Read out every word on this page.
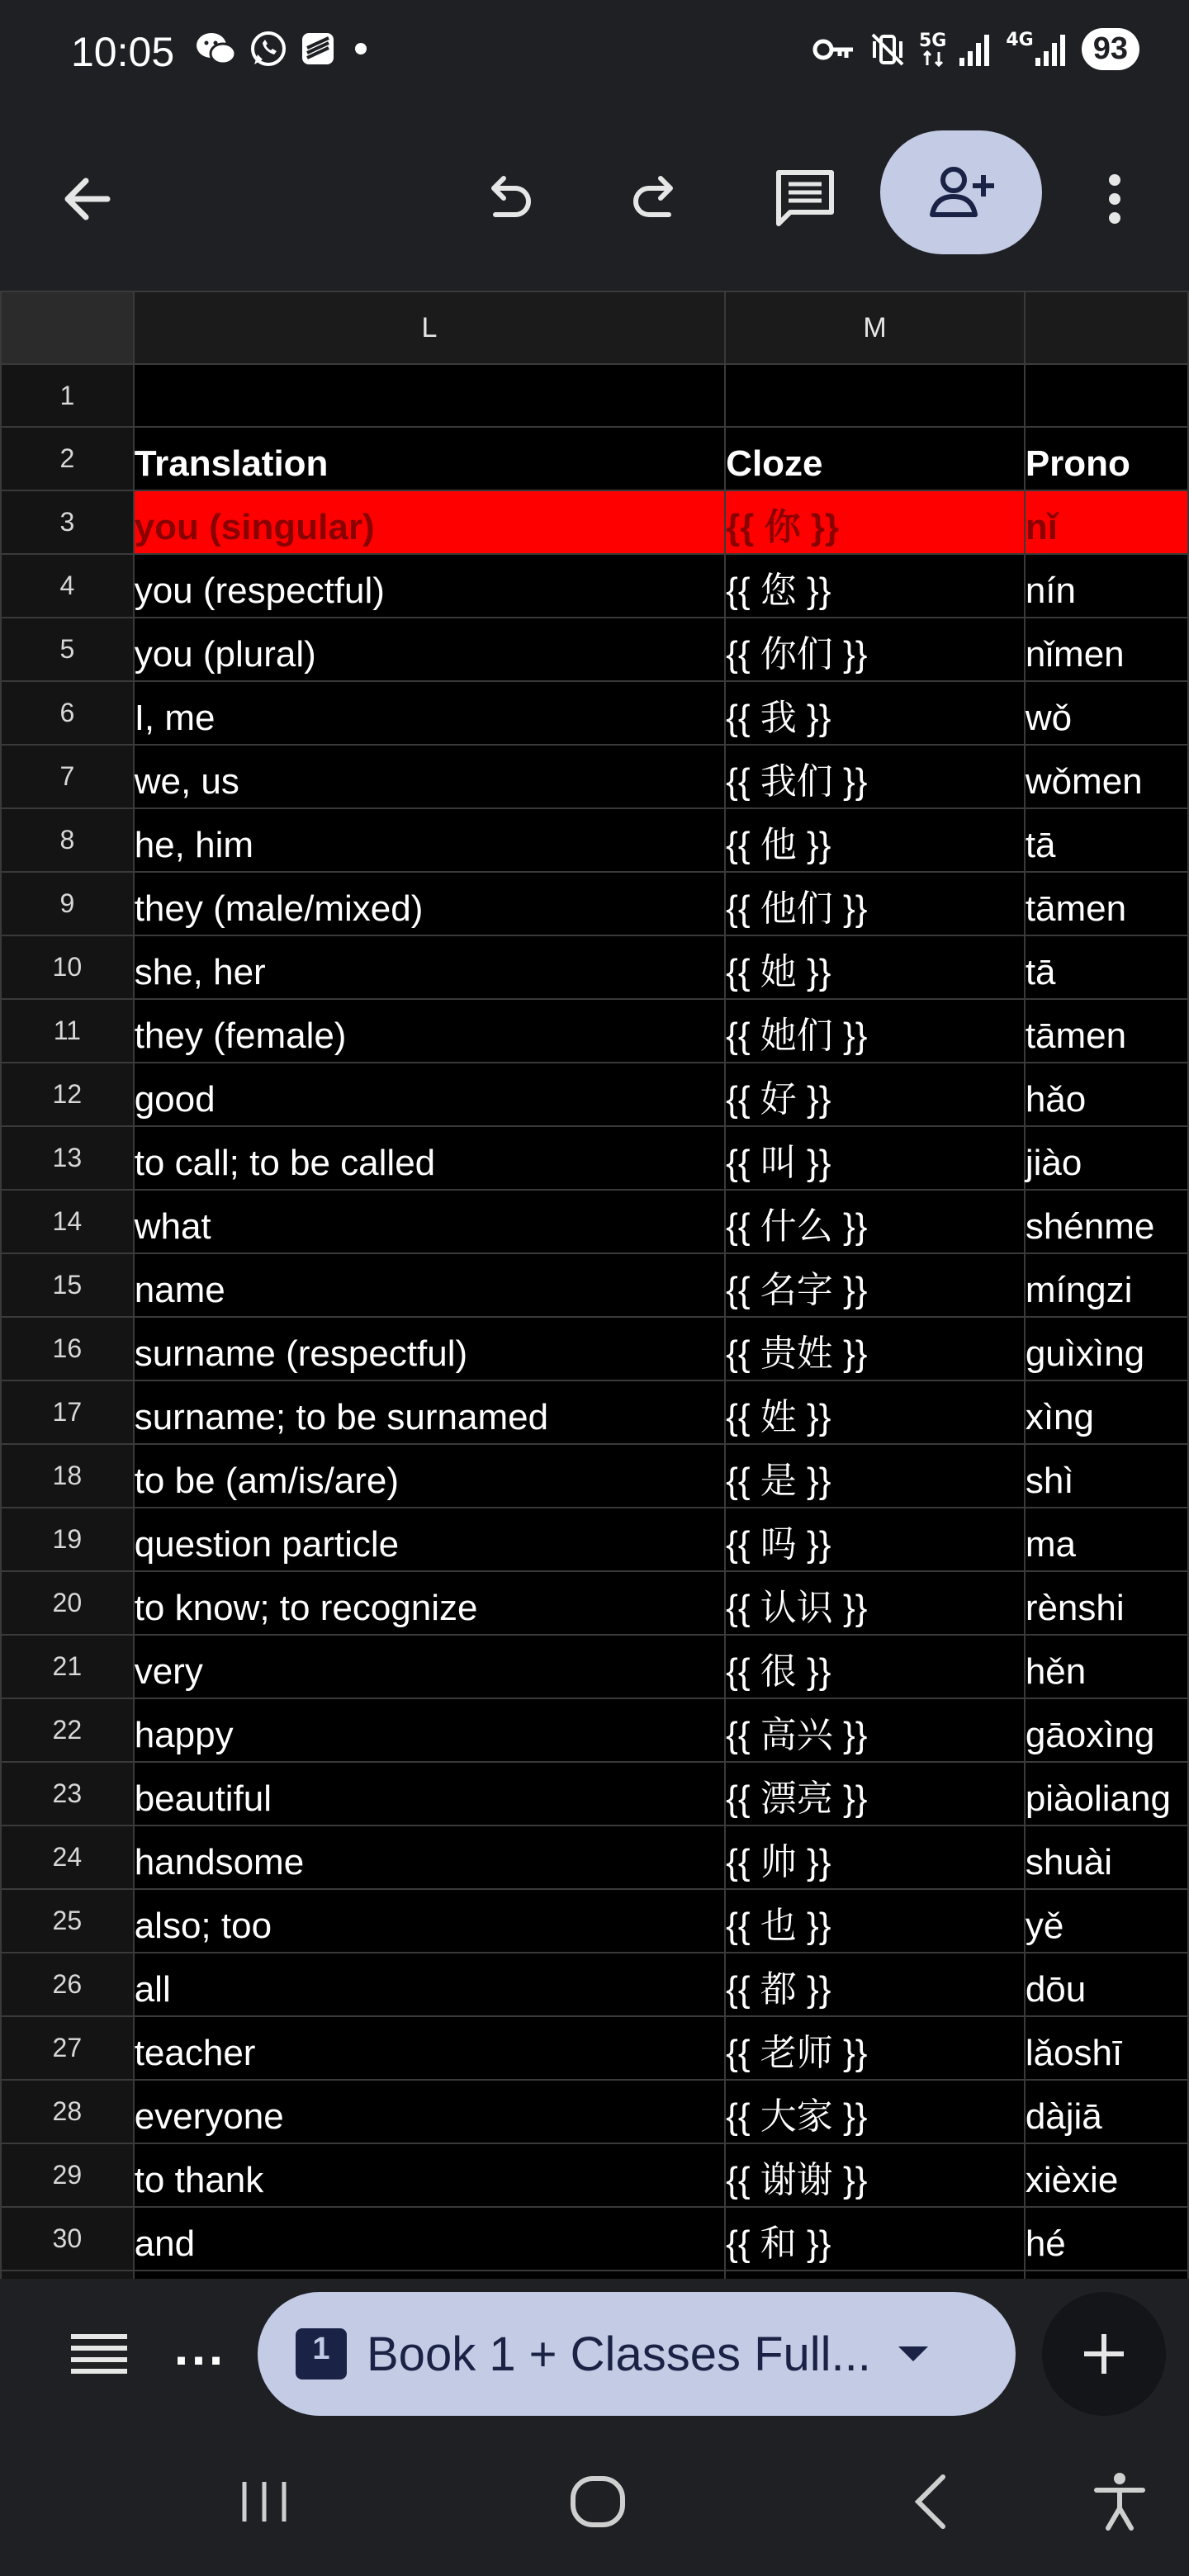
10:05	5G	4G	93
	L	M	
1			
2	Translation	Cloze	Prono
3	you (singular)	{{ 你 }}	nǐ
4	you (respectful)	{{ 您 }}	nín
5	you (plural)	{{ 你们 }}	nǐmen
6	I, me	{{ 我 }}	wǒ
7	we, us	{{ 我们 }}	wǒmen
8	he, him	{{ 他 }}	tā
9	they (male/mixed)	{{ 他们 }}	tāmen
10	she, her	{{ 她 }}	tā
11	they (female)	{{ 她们 }}	tāmen
12	good	{{ 好 }}	hǎo
13	to call; to be called	{{ 叫 }}	jiào
14	what	{{ 什么 }}	shénme
15	name	{{ 名字 }}	míngzi
16	surname (respectful)	{{ 贵姓 }}	guìxìng
17	surname; to be surnamed	{{ 姓 }}	xìng
18	to be (am/is/are)	{{ 是 }}	shì
19	question particle	{{ 吗 }}	ma
20	to know; to recognize	{{ 认识 }}	rènshi
21	very	{{ 很 }}	hěn
22	happy	{{ 高兴 }}	gāoxìng
23	beautiful	{{ 漂亮 }}	piàoliang
24	handsome	{{ 帅 }}	shuài
25	also; too	{{ 也 }}	yě
26	all	{{ 都 }}	dōu
27	teacher	{{ 老师 }}	lǎoshī
28	everyone	{{ 大家 }}	dàjiā
29	to thank	{{ 谢谢 }}	xièxie
30	and	{{ 和 }}	hé

...	1 Book 1 + Classes Full...
